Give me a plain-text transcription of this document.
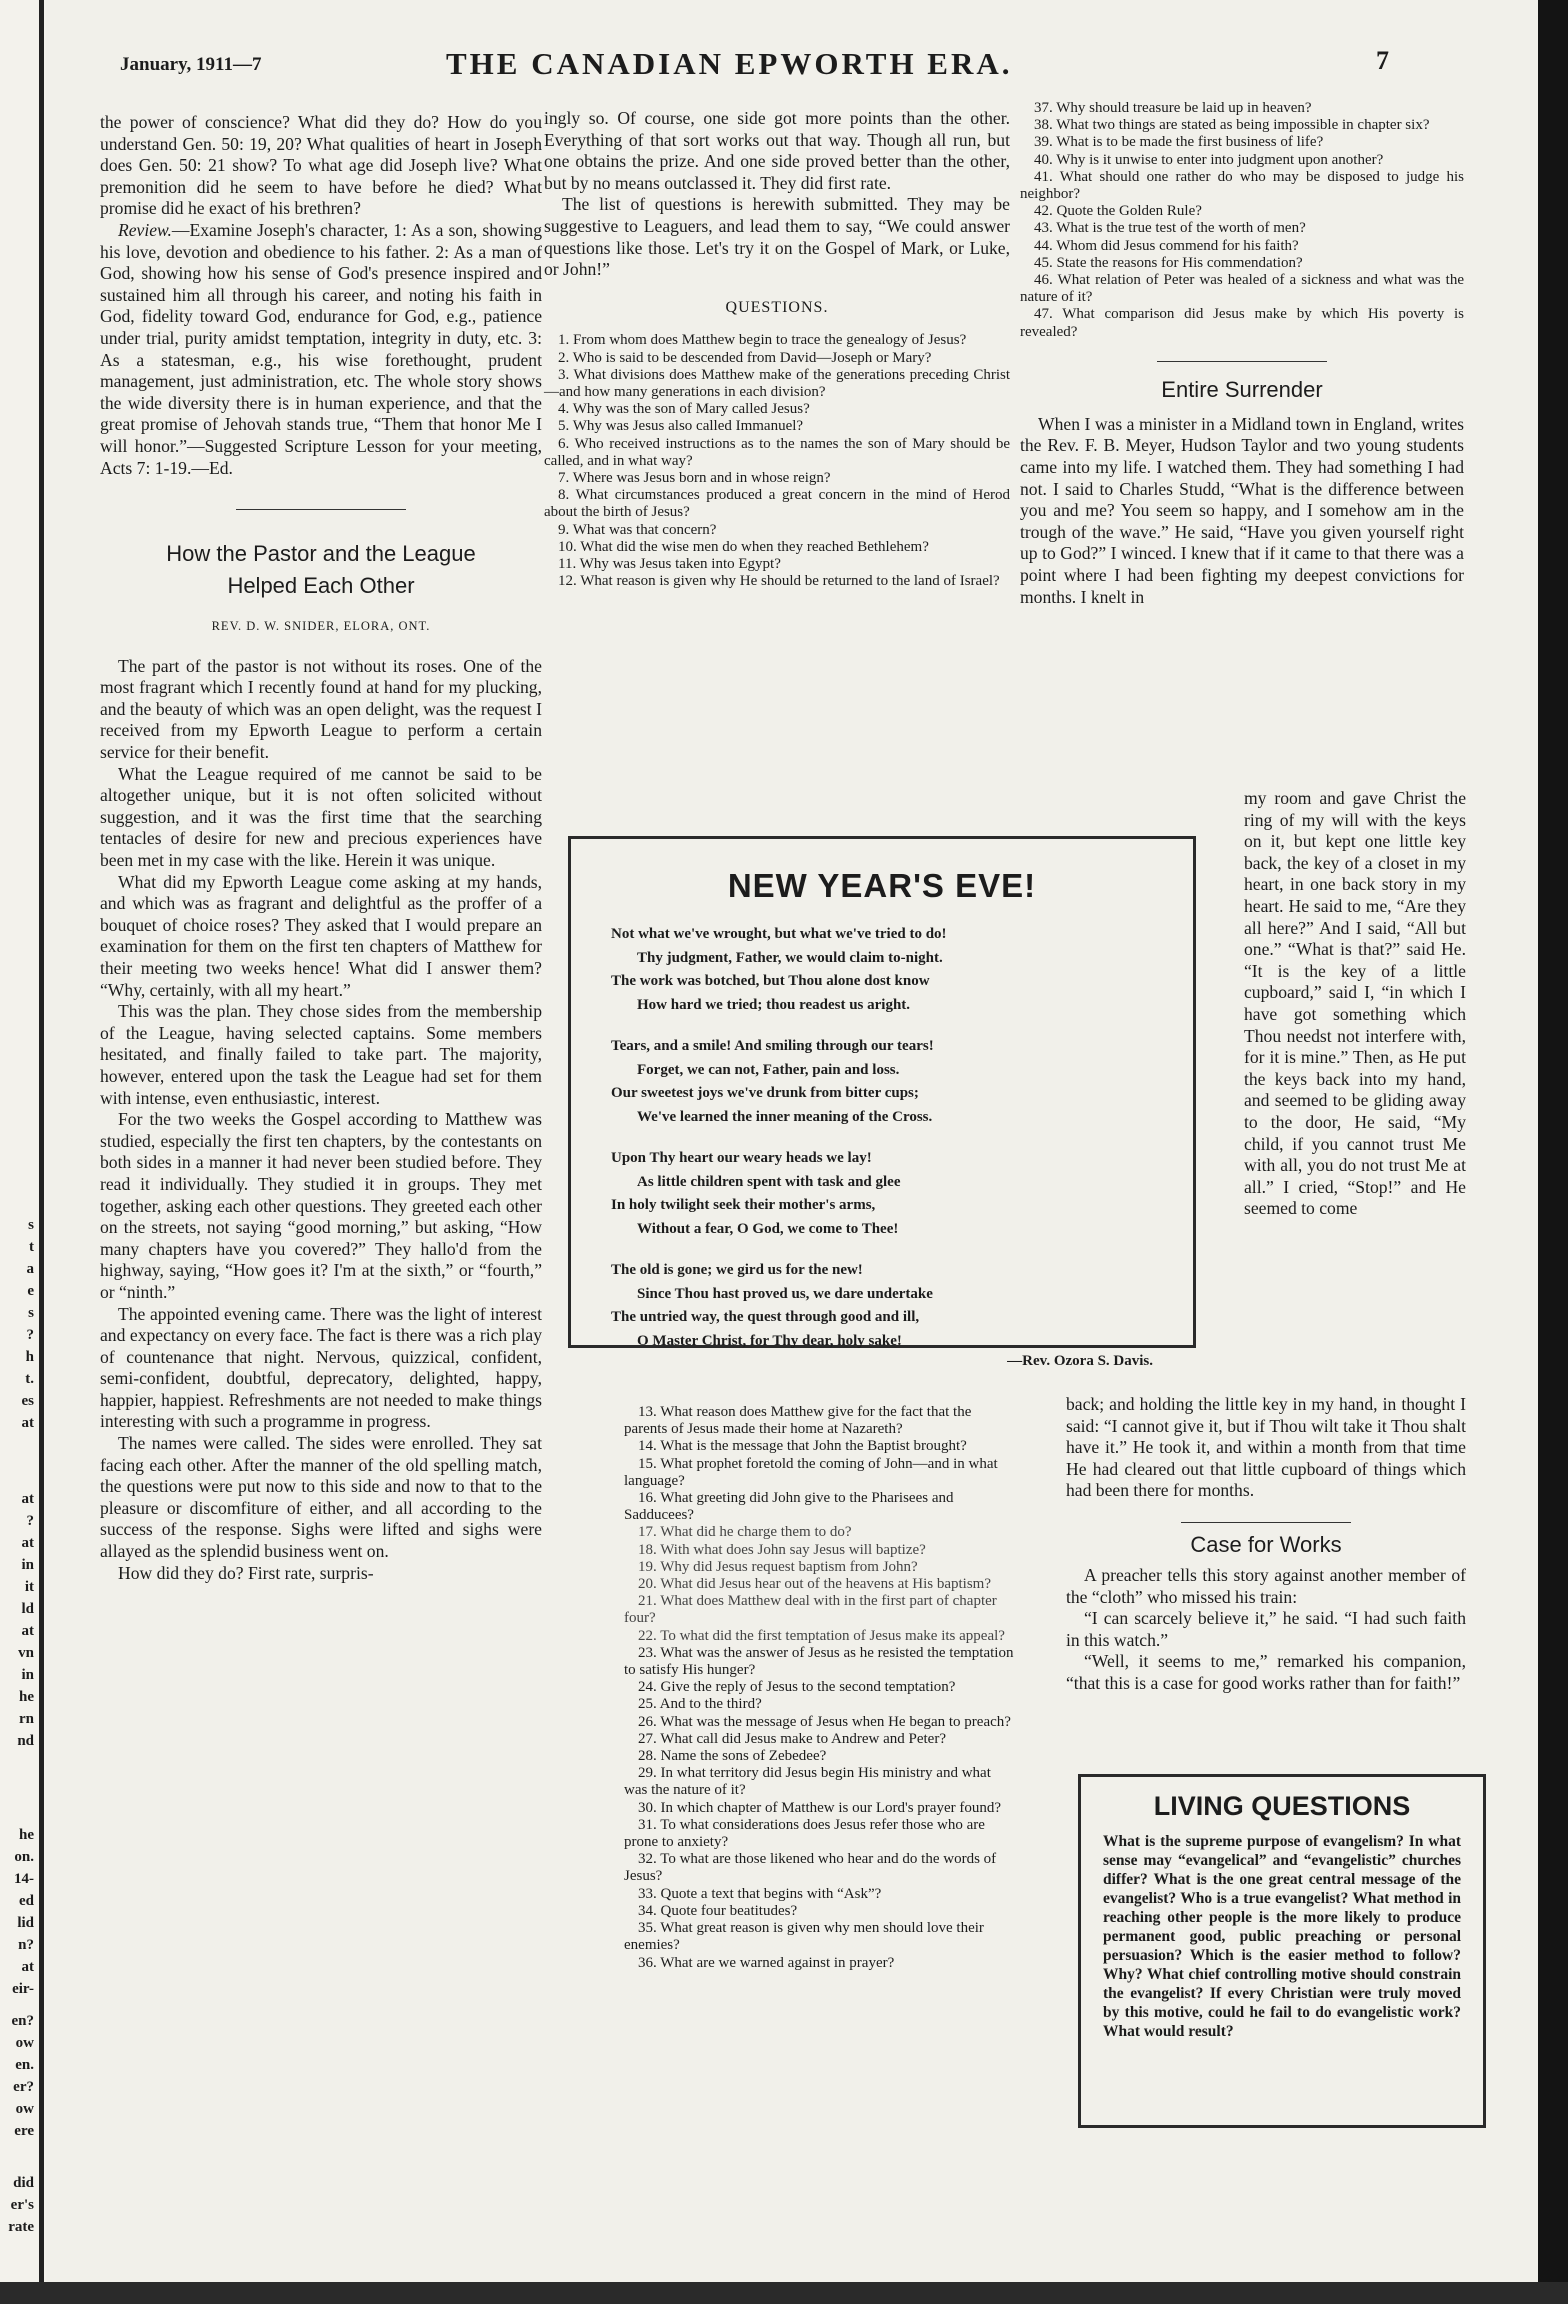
s
t
a
e
s
?
h
t.
es
at
at
?
at
in
it
ld
at
vn
in
he
rn
nd
he
on.
14-
ed
lid
n?
at
eir-
en?
ow
en.
er?
ow
ere
did
er's
rate
January, 1911—7	THE CANADIAN EPWORTH ERA.	7

the power of conscience? What did they do? How do you understand Gen. 50: 19, 20? What qualities of heart in Joseph does Gen. 50: 21 show? To what age did Joseph live? What premonition did he seem to have before he died? What promise did he exact of his brethren?

Review.—Examine Joseph's character, 1: As a son, showing his love, devotion and obedience to his father. 2: As a man of God, showing how his sense of God's presence inspired and sustained him all through his career, and noting his faith in God, fidelity toward God, endurance for God, e.g., patience under trial, purity amidst temptation, integrity in duty, etc. 3: As a statesman, e.g., his wise forethought, prudent management, just administration, etc. The whole story shows the wide diversity there is in human experience, and that the great promise of Jehovah stands true, “Them that honor Me I will honor.”—Suggested Scripture Lesson for your meeting, Acts 7: 1-19.—Ed.

How the Pastor and the League Helped Each Other
REV. D. W. SNIDER, ELORA, ONT.

The part of the pastor is not without its roses. One of the most fragrant which I recently found at hand for my plucking, and the beauty of which was an open delight, was the request I received from my Epworth League to perform a certain service for their benefit.

What the League required of me cannot be said to be altogether unique, but it is not often solicited without suggestion, and it was the first time that the searching tentacles of desire for new and precious experiences have been met in my case with the like. Herein it was unique.

What did my Epworth League come asking at my hands, and which was as fragrant and delightful as the proffer of a bouquet of choice roses? They asked that I would prepare an examination for them on the first ten chapters of Matthew for their meeting two weeks hence! What did I answer them? “Why, certainly, with all my heart.”

This was the plan. They chose sides from the membership of the League, having selected captains. Some members hesitated, and finally failed to take part. The majority, however, entered upon the task the League had set for them with intense, even enthusiastic, interest.

For the two weeks the Gospel according to Matthew was studied, especially the first ten chapters, by the contestants on both sides in a manner it had never been studied before. They read it individually. They studied it in groups. They met together, asking each other questions. They greeted each other on the streets, not saying “good morning,” but asking, “How many chapters have you covered?” They hallo'd from the highway, saying, “How goes it? I'm at the sixth,” or “fourth,” or “ninth.”

The appointed evening came. There was the light of interest and expectancy on every face. The fact is there was a rich play of countenance that night. Nervous, quizzical, confident, semi-confident, doubtful, deprecatory, delighted, happy, happier, happiest. Refreshments are not needed to make things interesting with such a programme in progress.

The names were called. The sides were enrolled. They sat facing each other. After the manner of the old spelling match, the questions were put now to this side and now to that to the pleasure or discomfiture of either, and all according to the success of the response. Sighs were lifted and sighs were allayed as the splendid business went on.

How did they do? First rate, surpris-

ingly so. Of course, one side got more points than the other. Everything of that sort works out that way. Though all run, but one obtains the prize. And one side proved better than the other, but by no means outclassed it. They did first rate.

The list of questions is herewith submitted. They may be suggestive to Leaguers, and lead them to say, “We could answer questions like those. Let's try it on the Gospel of Mark, or Luke, or John!”

QUESTIONS.

1. From whom does Matthew begin to trace the genealogy of Jesus?

2. Who is said to be descended from David—Joseph or Mary?

3. What divisions does Matthew make of the generations preceding Christ—and how many generations in each division?

4. Why was the son of Mary called Jesus?

5. Why was Jesus also called Immanuel?

6. Who received instructions as to the names the son of Mary should be called, and in what way?

7. Where was Jesus born and in whose reign?

8. What circumstances produced a great concern in the mind of Herod about the birth of Jesus?

9. What was that concern?

10. What did the wise men do when they reached Bethlehem?

11. Why was Jesus taken into Egypt?

12. What reason is given why He should be returned to the land of Israel?

NEW YEAR'S EVE!
Not what we've wrought, but what we've tried to do!
Thy judgment, Father, we would claim to-night.
The work was botched, but Thou alone dost know
How hard we tried; thou readest us aright.
Tears, and a smile! And smiling through our tears!
Forget, we can not, Father, pain and loss.
Our sweetest joys we've drunk from bitter cups;
We've learned the inner meaning of the Cross.
Upon Thy heart our weary heads we lay!
As little children spent with task and glee
In holy twilight seek their mother's arms,
Without a fear, O God, we come to Thee!
The old is gone; we gird us for the new!
Since Thou hast proved us, we dare undertake
The untried way, the quest through good and ill,
O Master Christ, for Thy dear, holy sake!
—Rev. Ozora S. Davis.

13. What reason does Matthew give for the fact that the parents of Jesus made their home at Nazareth?

14. What is the message that John the Baptist brought?

15. What prophet foretold the coming of John—and in what language?

16. What greeting did John give to the Pharisees and Sadducees?

17. What did he charge them to do?

18. With what does John say Jesus will baptize?

19. Why did Jesus request baptism from John?

20. What did Jesus hear out of the heavens at His baptism?

21. What does Matthew deal with in the first part of chapter four?

22. To what did the first temptation of Jesus make its appeal?

23. What was the answer of Jesus as he resisted the temptation to satisfy His hunger?

24. Give the reply of Jesus to the second temptation?

25. And to the third?

26. What was the message of Jesus when He began to preach?

27. What call did Jesus make to Andrew and Peter?

28. Name the sons of Zebedee?

29. In what territory did Jesus begin His ministry and what was the nature of it?

30. In which chapter of Matthew is our Lord's prayer found?

31. To what considerations does Jesus refer those who are prone to anxiety?

32. To what are those likened who hear and do the words of Jesus?

33. Quote a text that begins with “Ask”?

34. Quote four beatitudes?

35. What great reason is given why men should love their enemies?

36. What are we warned against in prayer?

37. Why should treasure be laid up in heaven?

38. What two things are stated as being impossible in chapter six?

39. What is to be made the first business of life?

40. Why is it unwise to enter into judgment upon another?

41. What should one rather do who may be disposed to judge his neighbor?

42. Quote the Golden Rule?

43. What is the true test of the worth of men?

44. Whom did Jesus commend for his faith?

45. State the reasons for His commendation?

46. What relation of Peter was healed of a sickness and what was the nature of it?

47. What comparison did Jesus make by which His poverty is revealed?

Entire Surrender

When I was a minister in a Midland town in England, writes the Rev. F. B. Meyer, Hudson Taylor and two young students came into my life. I watched them. They had something I had not. I said to Charles Studd, “What is the difference between you and me? You seem so happy, and I somehow am in the trough of the wave.” He said, “Have you given yourself right up to God?” I winced. I knew that if it came to that there was a point where I had been fighting my deepest convictions for months. I knelt in

my room and gave Christ the ring of my will with the keys on it, but kept one little key back, the key of a closet in my heart, in one back story in my heart. He said to me, “Are they all here?” And I said, “All but one.” “What is that?” said He. “It is the key of a little cupboard,” said I, “in which I have got something which Thou needst not interfere with, for it is mine.” Then, as He put the keys back into my hand, and seemed to be gliding away to the door, He said, “My child, if you cannot trust Me with all, you do not trust Me at all.” I cried, “Stop!” and He seemed to come

back; and holding the little key in my hand, in thought I said: “I cannot give it, but if Thou wilt take it Thou shalt have it.” He took it, and within a month from that time He had cleared out that little cupboard of things which had been there for months.

Case for Works

A preacher tells this story against another member of the “cloth” who missed his train:

“I can scarcely believe it,” he said. “I had such faith in this watch.”

“Well, it seems to me,” remarked his companion, “that this is a case for good works rather than for faith!”

LIVING QUESTIONS
What is the supreme purpose of evangelism? In what sense may “evangelical” and “evangelistic” churches differ? What is the one great central message of the evangelist? Who is a true evangelist? What method in reaching other people is the more likely to produce permanent good, public preaching or personal persuasion? Which is the easier method to follow? Why? What chief controlling motive should constrain the evangelist? If every Christian were truly moved by this motive, could he fail to do evangelistic work? What would result?
